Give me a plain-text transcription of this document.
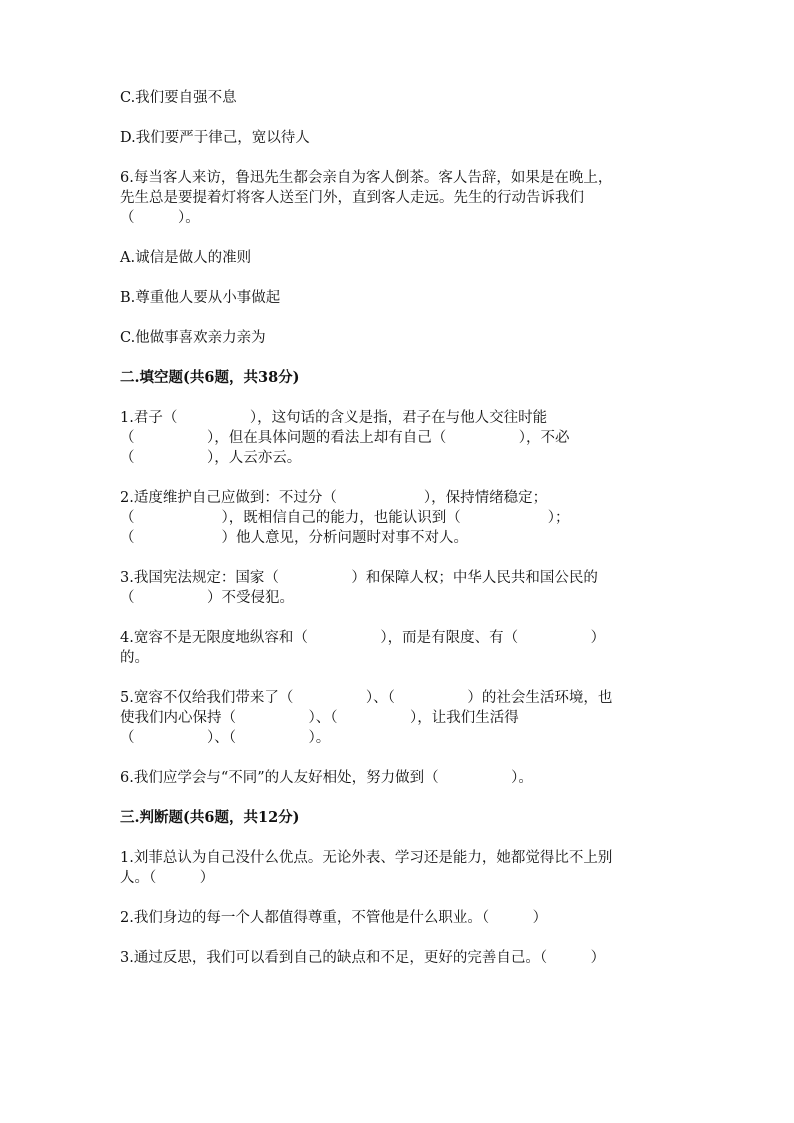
C.我们要自强不息
D.我们要严于律己，宽以待人
6.每当客人来访，鲁迅先生都会亲自为客人倒茶。客人告辞，如果是在晚上，
先生总是要提着灯将客人送至门外，直到客人走远。先生的行动告诉我们
（　　　）。
A.诚信是做人的准则
B.尊重他人要从小事做起
C.他做事喜欢亲力亲为
二.填空题(共6题，共38分)
1.君子（　　　　　），这句话的含义是指，君子在与他人交往时能
（　　　　　），但在具体问题的看法上却有自己（　　　　　），不必
（　　　　　），人云亦云。
2.适度维护自己应做到：不过分（　　　　　　），保持情绪稳定；
（　　　　　　），既相信自己的能力，也能认识到（　　　　　　）；
（　　　　　　）他人意见，分析问题时对事不对人。
3.我国宪法规定：国家（　　　　　）和保障人权；中华人民共和国公民的
（　　　　　）不受侵犯。
4.宽容不是无限度地纵容和（　　　　　），而是有限度、有（　　　　　）
的。
5.宽容不仅给我们带来了（　　　　　）、（　　　　　）的社会生活环境，也
使我们内心保持（　　　　　）、（　　　　　），让我们生活得
（　　　　　）、（　　　　　）。
6.我们应学会与“不同”的人友好相处，努力做到（　　　　　）。
三.判断题(共6题，共12分)
1.刘菲总认为自己没什么优点。无论外表、学习还是能力，她都觉得比不上别
人。（　　　）
2.我们身边的每一个人都值得尊重，不管他是什么职业。（　　　）
3.通过反思，我们可以看到自己的缺点和不足，更好的完善自己。（　　　）
